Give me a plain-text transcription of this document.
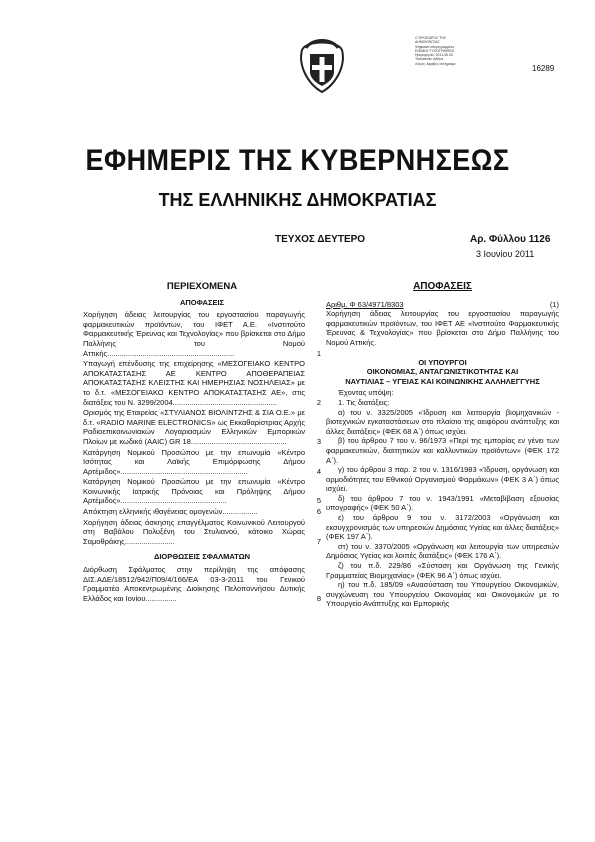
Ο ΠΡΟΕΔΡΟΣ ΤΗΣ
ΔΗΜΟΚΡΑΤΙΑΣ
Ψηφιακά υπογεγραμμένο
ΕΘΝΙΚΟ ΤΥΠΟΓΡΑΦΕΙΟ
Ημερομηνία: 2011.06.03
Τοποθεσία: Αθήνα
Λόγος: Ακριβές αντίγραφο
16289
ΕΦΗΜΕΡΙΣ ΤΗΣ ΚΥΒΕΡΝΗΣΕΩΣ
ΤΗΣ ΕΛΛΗΝΙΚΗΣ ΔΗΜΟΚΡΑΤΙΑΣ
ΤΕΥΧΟΣ ΔΕΥΤΕΡΟ	Αρ. Φύλλου 1126
3 Ιουνίου 2011
ΠΕΡΙΕΧΟΜΕΝΑ
ΑΠΟΦΑΣΕΙΣ
Χορήγηση άδειας λειτουργίας του εργοστασίου παραγωγής φαρμακευτικών προϊόντων, του ΙΦΕΤ Α.Ε. «Ινστιτούτο Φαρμακευτικής Έρευνας και Τεχνολογίας» που βρίσκεται στο Δήμο Παλλήνης του Νομού Αττικής.............................................................	1
Υπαγωγή επένδυσης της επιχείρησης «ΜΕΣΟΓΕΙΑΚΟ ΚΕΝΤΡΟ ΑΠΟΚΑΤΑΣΤΑΣΗΣ ΑΕ ΚΕΝΤΡΟ ΑΠΟΘΕΡΑΠΕΙΑΣ ΑΠΟΚΑΤΑΣΤΑΣΗΣ ΚΛΕΙΣΤΗΣ ΚΑΙ ΗΜΕΡΗΣΙΑΣ ΝΟΣΗΛΕΙΑΣ» με το δ.τ. «ΜΕΣΟΓΕΙΑΚΟ ΚΕΝΤΡΟ ΑΠΟΚΑΤΑΣΤΑΣΗΣ ΑΕ», στις διατάξεις του Ν. 3299/2004..................................................	2
Ορισμός της Εταιρείας «ΣΤΥΛΙΑΝΟΣ ΒΙΟΛΙΝΤΖΗΣ & ΣΙΑ Ο.Ε.» με δ.τ. «RADIO MARINE ELECTRONICS» ως Εκκαθαρίστριας Αρχής Ραδιοεπικοινωνιακών Λογαριασμών Ελληνικών Εμπορικών Πλοίων με κωδικό (AAIC) GR 18..............................................	3
Κατάργηση Νομικού Προσώπου με την επωνυμία «Κέντρο Ισότητας και Λαϊκής Επιμόρφωσης Δήμου Αρτέμιδος».............................................................	4
Κατάργηση Νομικού Προσώπου με την επωνυμία «Κέντρο Κοινωνικής Ιατρικής Πρόνοιας και Πρόληψης Δήμου Αρτέμιδος»...................................................	5
Απόκτηση ελληνικής ιθαγένειας ομογενών.................	6
Χορήγηση άδειας άσκησης επαγγέλματος Κοινωνικού Λειτουργού στη Βαβάλου Πολυξένη του Στυλιανού, κάτοικο Χώρας Σαμοθράκης........................	7
ΔΙΟΡΘΩΣΕΙΣ ΣΦΑΛΜΑΤΩΝ
Διόρθωση Σφάλματος στην περίληψη της απόφασης ΔΙΣ.ΑΔΕ/18512/942/Π09/4/166/ΕΑ 03-3-2011 του Γενικού Γραμματέα Αποκεντρωμένης Διοίκησης Πελοποννήσου Δυτικής Ελλάδος και Ιονίου...............	8
ΑΠΟΦΑΣΕΙΣ
Αριθμ. Φ 63/4971/8303	(1)
Χορήγηση άδειας λειτουργίας του εργοστασίου παραγωγής φαρμακευτικών προϊόντων, του ΙΦΕΤ ΑΕ «Ινστιτούτο Φαρμακευτικής Έρευνας & Τεχνολογίας» που βρίσκεται στο Δήμο Παλλήνης του Νομού Αττικής.
ΟΙ ΥΠΟΥΡΓΟΙ
ΟΙΚΟΝΟΜΙΑΣ, ΑΝΤΑΓΩΝΙΣΤΙΚΟΤΗΤΑΣ ΚΑΙ
ΝΑΥΤΙΛΙΑΣ – ΥΓΕΙΑΣ ΚΑΙ ΚΟΙΝΩΝΙΚΗΣ ΑΛΛΗΛΕΓΓΥΗΣ
Έχοντας υπόψη:
1. Τις διατάξεις:
α) του ν. 3325/2005 «Ίδρυση και λειτουργία βιομηχανικών - βιοτεχνικών εγκαταστάσεων στο πλαίσιο της αειφόρου ανάπτυξης και άλλες διατάξεις» (ΦΕΚ 68 Α΄) όπως ισχύει.
β) του άρθρου 7 του ν. 96/1973 «Περί της εμπορίας εν γένει των φαρμακευτικών, διαιτητικών και καλλυντικών προϊόντων» (ΦΕΚ 172 Α΄).
γ) του άρθρου 3 παρ. 2 του ν. 1316/1983 «Ίδρυση, οργάνωση και αρμοδιότητες του Εθνικού Οργανισμού Φαρμάκων» (ΦΕΚ 3 Α΄) όπως ισχύει.
δ) του άρθρου 7 του ν. 1943/1991 «Μεταβίβαση εξουσίας υπογραφής» (ΦΕΚ 50 Α΄).
ε) του άρθρου 9 του ν. 3172/2003 «Οργάνωση και εκσυγχρονισμός των υπηρεσιών Δημόσιας Υγείας και άλλες διατάξεις» (ΦΕΚ 197 Α΄).
στ) του ν. 3370/2005 «Οργάνωση και λειτουργία των υπηρεσιών Δημόσιας Υγείας και λοιπές διατάξεις» (ΦΕΚ 176 Α΄).
ζ) του π.δ. 229/86 «Σύσταση και Οργάνωση της Γενικής Γραμματείας Βιομηχανίας» (ΦΕΚ 96 Α΄) όπως ισχύει.
η) του π.δ. 185/09 «Ανασύσταση του Υπουργείου Οικονομικών, συγχώνευση του Υπουργείου Οικονομίας και Οικονομικών με το Υπουργείο Ανάπτυξης και Εμπορικής
